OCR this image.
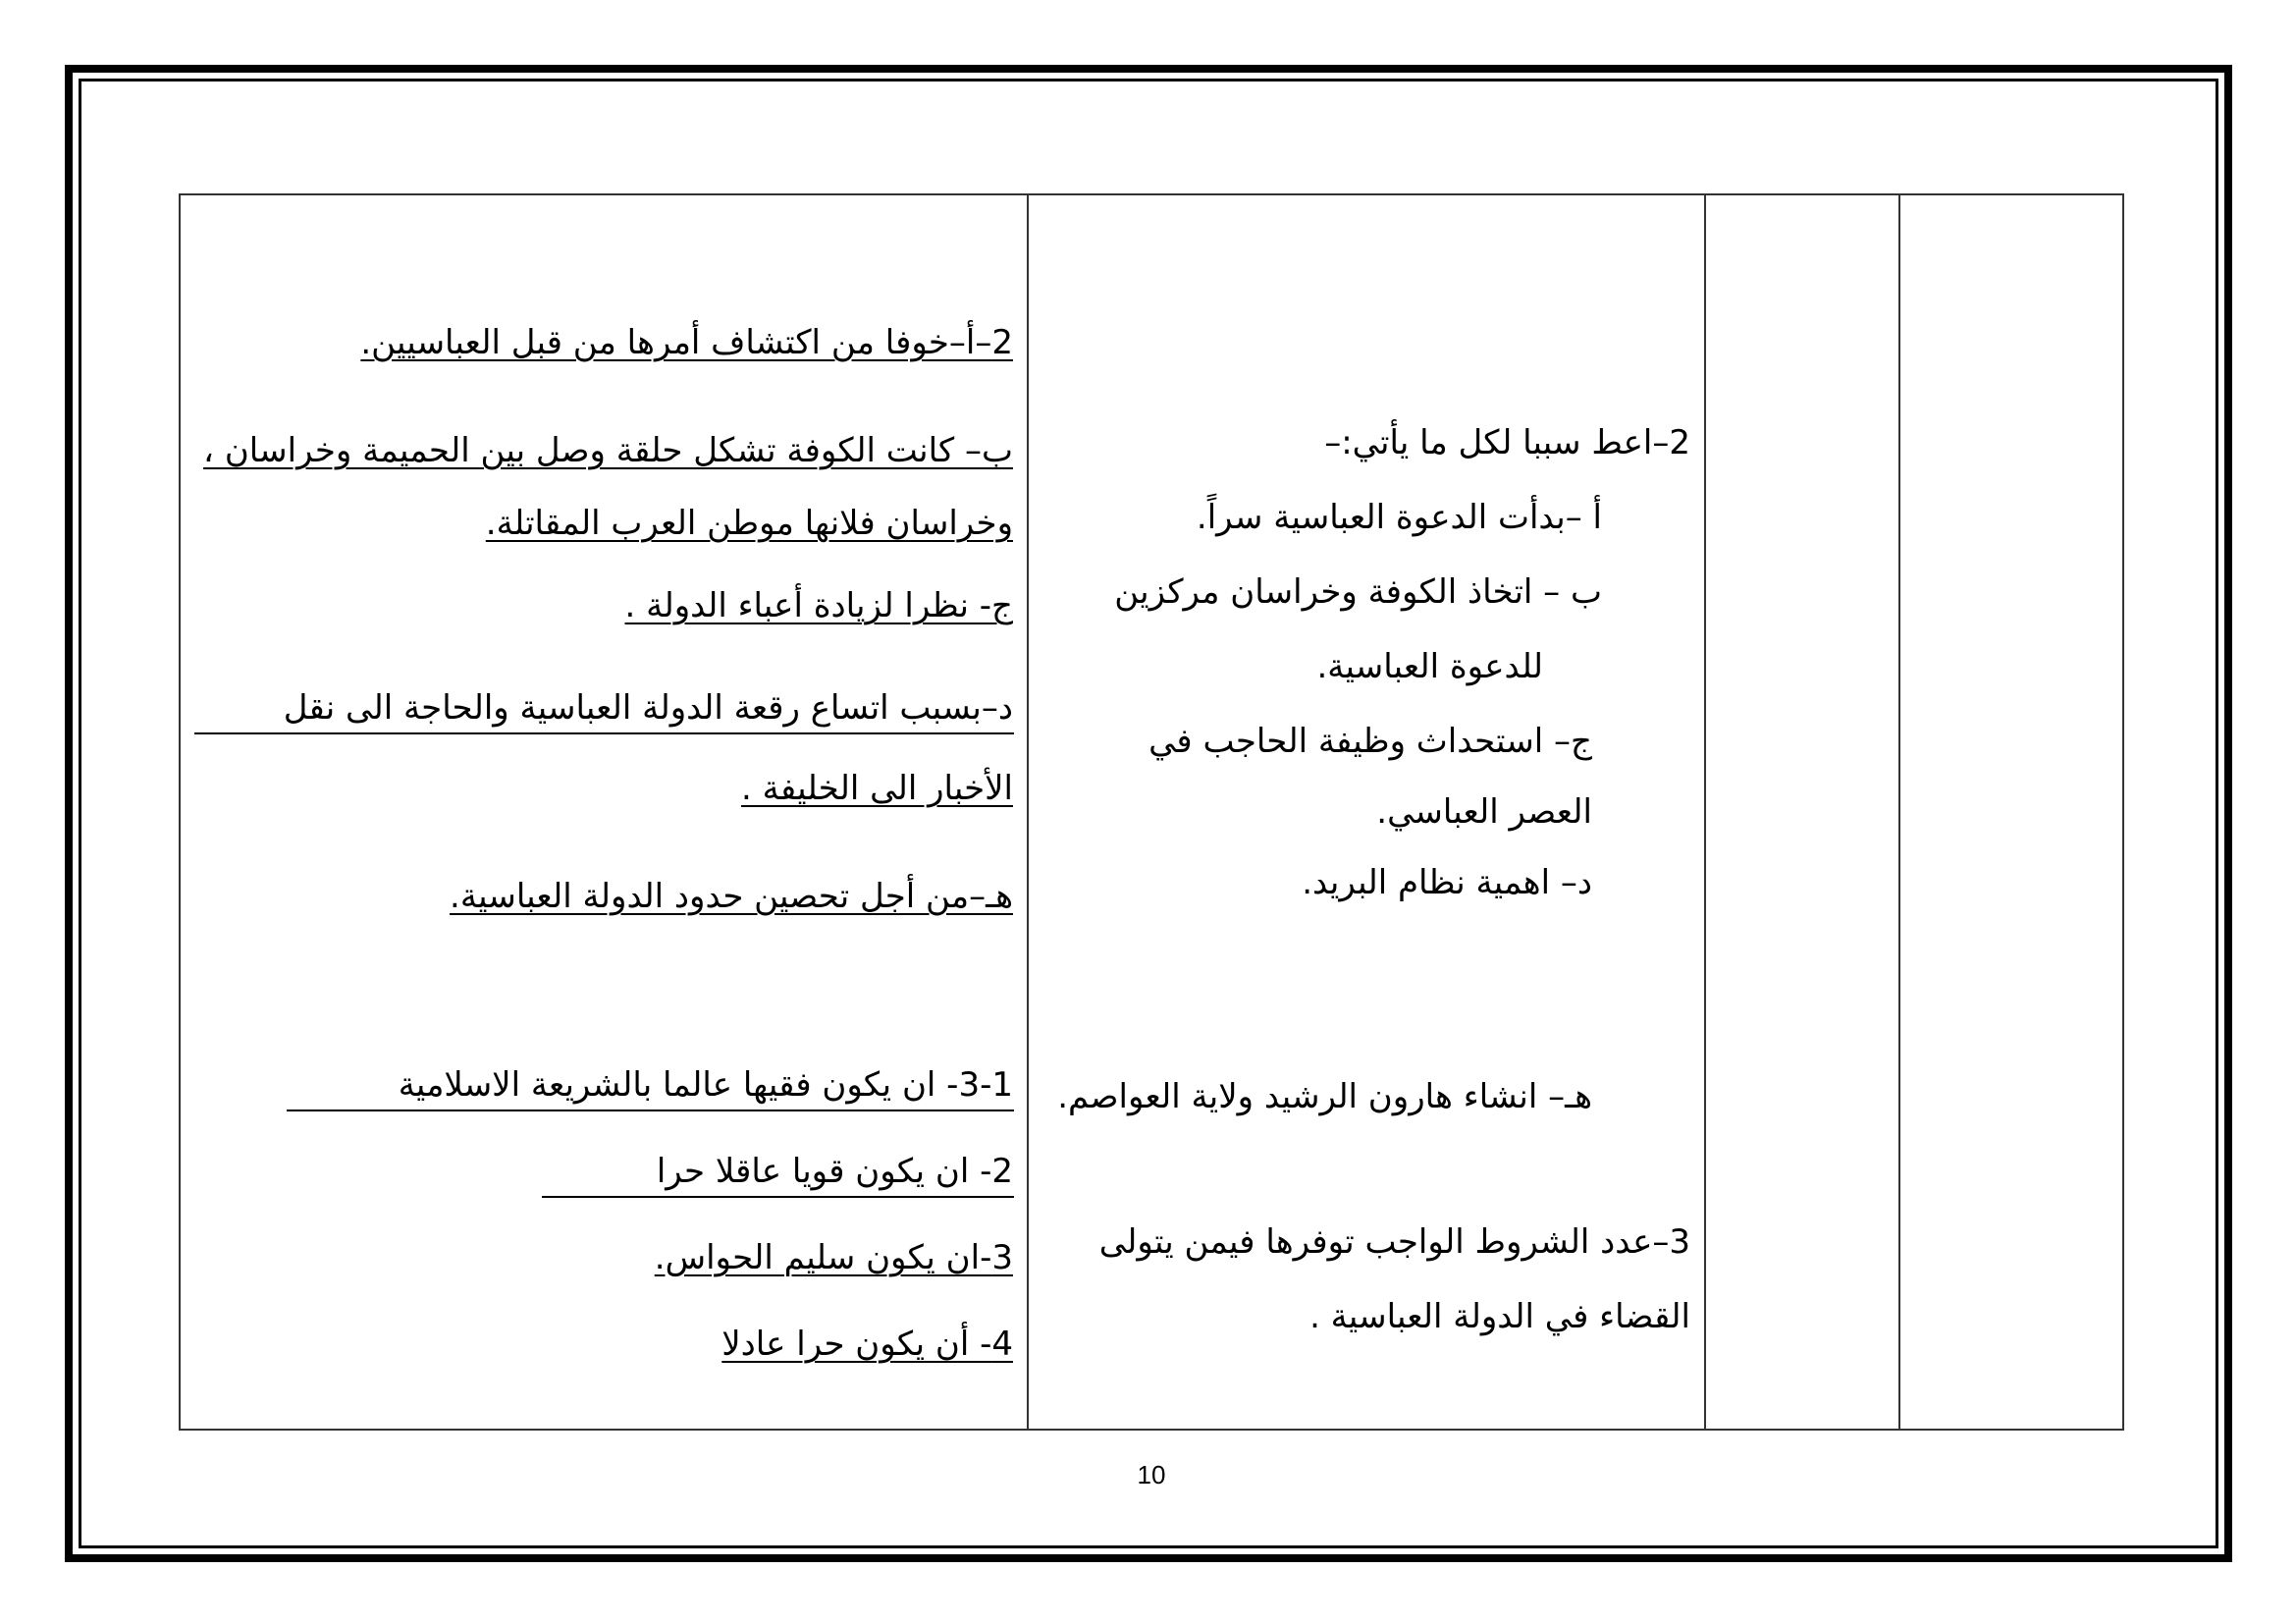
2–اعط سببا لكل ما يأتي:–
أ –بدأت الدعوة العباسية سراً.
ب – اتخاذ الكوفة وخراسان مركزين
للدعوة العباسية.
ج– استحداث وظيفة الحاجب في
العصر العباسي.
د– اهمية نظام البريد.
هـ– انشاء هارون الرشيد ولاية العواصم.
3–عدد الشروط الواجب توفرها فيمن يتولى
القضاء في الدولة العباسية .
2–أ–خوفا من اكتشاف أمرها من قبل العباسيين.
ب– كانت الكوفة تشكل حلقة وصل بين الحميمة وخراسان ،
وخراسان فلانها موطن العرب المقاتلة.
ج- نظرا لزيادة أعباء الدولة .
د–بسبب اتساع رقعة الدولة العباسية والحاجة الى نقل
الأخبار الى الخليفة .
هـ–من أجل تحصين حدود الدولة العباسية.
3-1- ان يكون فقيها عالما بالشريعة الاسلامية
2- ان يكون قويا عاقلا حرا
3-ان يكون سليم الحواس.
4- أن يكون حرا عادلا
10
